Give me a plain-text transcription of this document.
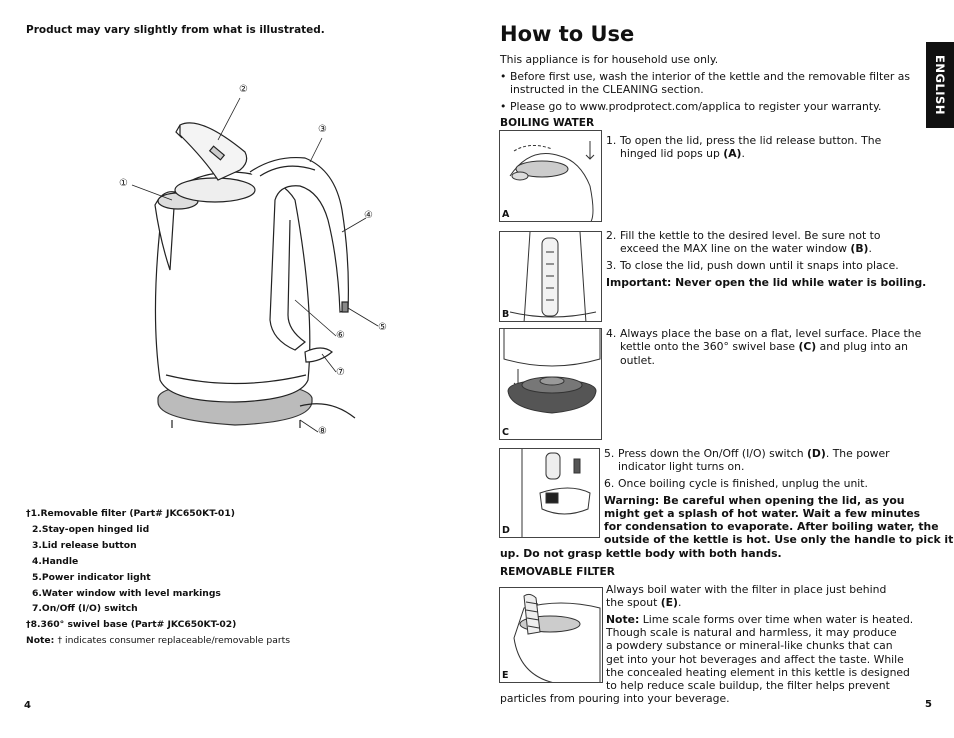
Product may vary slightly from what is illustrated.
①
②
③
④
⑤
⑥
⑦
⑧
†1.Removable filter (Part# JKC650KT-01)
2.Stay-open hinged lid
3.Lid release button
4.Handle
5.Power indicator light
6.Water window with level markings
7.On/Off (I/O) switch
†8.360° swivel base (Part# JKC650KT-02)
Note: † indicates consumer replaceable/removable parts
4
How to Use
ENGLISH
This appliance is for household use only.
• Before first use, wash the interior of the kettle and the removable filter as instructed in the CLEANING section.
• Please go to www.prodprotect.com/applica to register your warranty.
BOILING WATER
A
1. To open the lid, press the lid release button. The hinged lid pops up (A).
B
2. Fill the kettle to the desired level. Be sure not to exceed the MAX line on the water window (B).
3. To close the lid, push down until it snaps into place.
Important: Never open the lid while water is boiling.
C
4. Always place the base on a flat, level surface. Place the kettle onto the 360° swivel base (C) and plug into an outlet.
D
5. Press down the On/Off (I/O) switch (D). The power indicator light turns on.
6. Once boiling cycle is finished, unplug the unit.
Warning: Be careful when opening the lid, as you
might get a splash of hot water. Wait a few minutes
for condensation to evaporate. After boiling water, the
outside of the kettle is hot. Use only the handle to pick it
up. Do not grasp kettle body with both hands.
REMOVABLE FILTER
E
Always boil water with the filter in place just behind
the spout (E).
Note: Lime scale forms over time when water is heated.
Though scale is natural and harmless, it may produce
a powdery substance or mineral-like chunks that can
get into your hot beverages and affect the taste. While
the concealed heating element in this kettle is designed
to help reduce scale buildup, the filter helps prevent
particles from pouring into your beverage.	5
